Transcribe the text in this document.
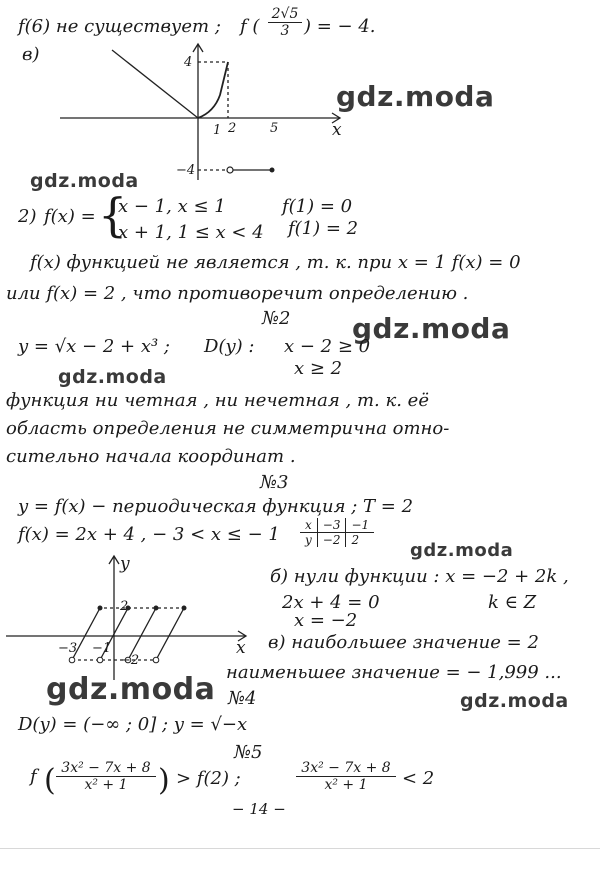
f(6) не существует ; f ( $\frac{2√5}{3}$ ) = − 4.
в)	4
−4
1 2	5	x
gdz.moda
gdz.moda
gdz.moda
gdz.moda
gdz.moda
gdz.moda	gdz.moda
2) f(x) = {
x − 1, x ≤ 1
x + 1, 1 ≤ x < 4
f(1) = 0
f(1) = 2
f(x) функцией не является , т. к. при x = 1 f(x) = 0
или f(x) = 2 , что противоречит определению .
№2
y = √x − 2 + x³ ; D(y) : x − 2 ≥ 0
x ≥ 2
функция ни четная , ни нечетная , т. к. её
область определения не симметрична отно-
сительно начала координат .
№3
y = f(x) − периодическая функция ; T = 2
f(x) = 2x + 4 , − 3 < x ≤ − 1 x	−3	−1
y	−2	2
y
x
2
−3 −1
−2
б) нули функции : x = −2 + 2k ,
2x + 4 = 0	k ∈ Z
x = −2
в) наибольшее значение = 2
наименьшее значение = − 1,999 ...
№4
D(y) = (−∞ ; 0] ; y = √−x
№5
f ( $\frac{\text{3x² − 7x + 8}}{\text{x² + 1}}$ ) > f(2) ;	$\frac{\text{3x² − 7x + 8}}{\text{x² + 1}} < 2$
− 14 −
